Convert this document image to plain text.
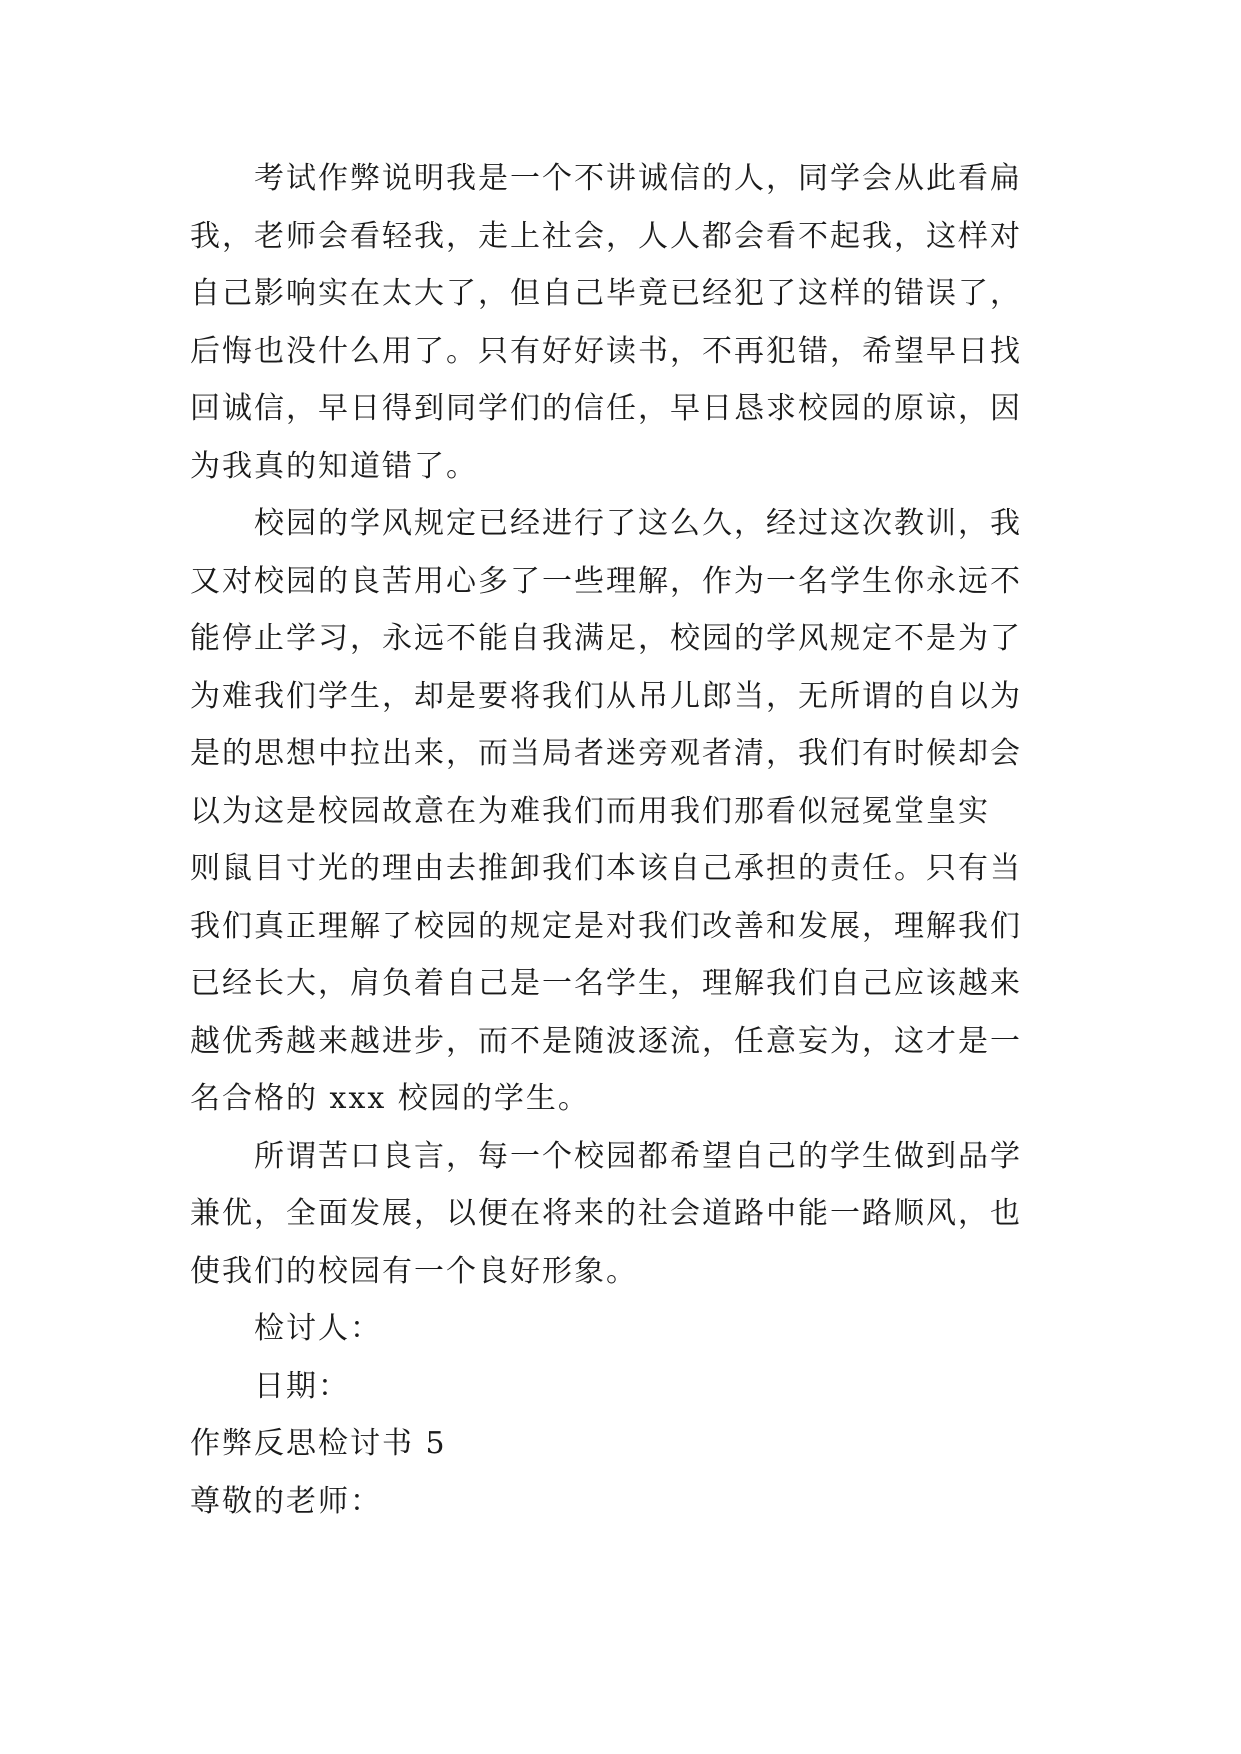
考试作弊说明我是一个不讲诚信的人，同学会从此看扁
我，老师会看轻我，走上社会，人人都会看不起我，这样对
自己影响实在太大了，但自己毕竟已经犯了这样的错误了，
后悔也没什么用了。只有好好读书，不再犯错，希望早日找
回诚信，早日得到同学们的信任，早日恳求校园的原谅，因
为我真的知道错了。
校园的学风规定已经进行了这么久，经过这次教训，我
又对校园的良苦用心多了一些理解，作为一名学生你永远不
能停止学习，永远不能自我满足，校园的学风规定不是为了
为难我们学生，却是要将我们从吊儿郎当，无所谓的自以为
是的思想中拉出来，而当局者迷旁观者清，我们有时候却会
以为这是校园故意在为难我们而用我们那看似冠冕堂皇实
则鼠目寸光的理由去推卸我们本该自己承担的责任。只有当
我们真正理解了校园的规定是对我们改善和发展，理解我们
已经长大，肩负着自己是一名学生，理解我们自己应该越来
越优秀越来越进步，而不是随波逐流，任意妄为，这才是一
名合格的 xxx 校园的学生。
所谓苦口良言，每一个校园都希望自己的学生做到品学
兼优，全面发展，以便在将来的社会道路中能一路顺风，也
使我们的校园有一个良好形象。

检讨人：

日期：

作弊反思检讨书 5

尊敬的老师：
